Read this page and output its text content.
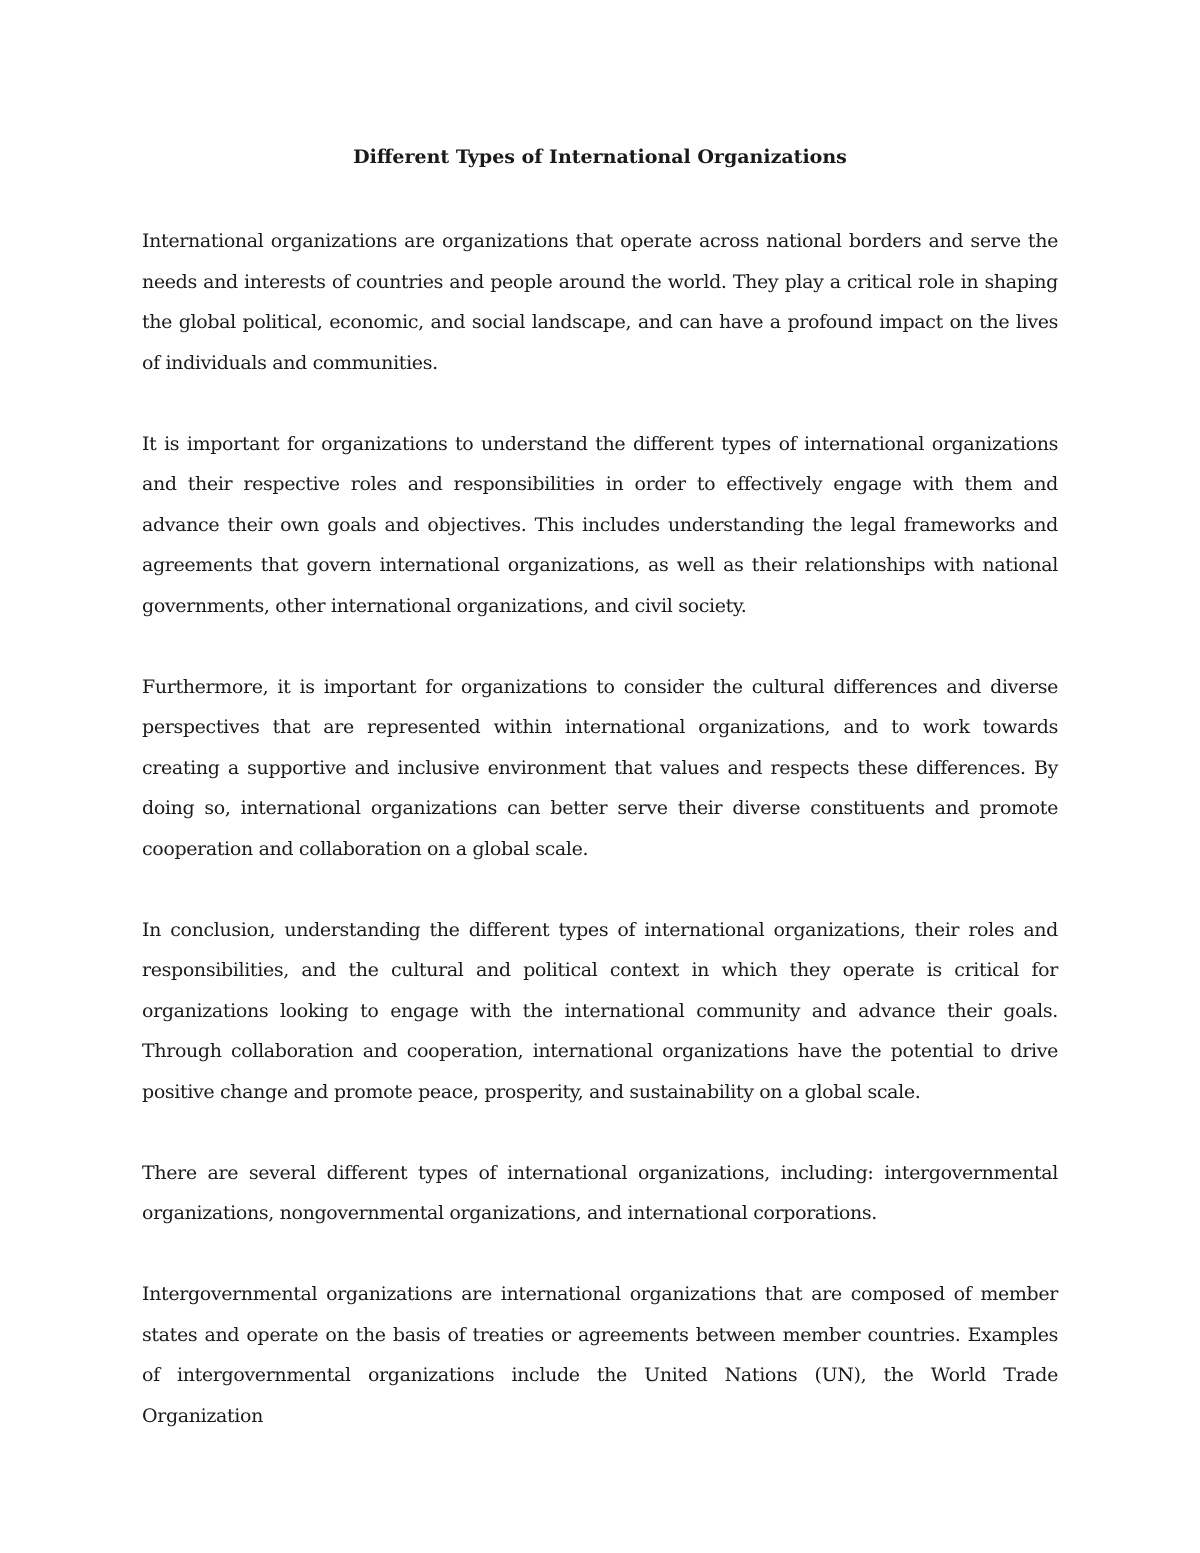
Different Types of International Organizations

International organizations are organizations that operate across national borders and serve the needs and interests of countries and people around the world. They play a critical role in shaping the global political, economic, and social landscape, and can have a profound impact on the lives of individuals and communities.

It is important for organizations to understand the different types of international organizations and their respective roles and responsibilities in order to effectively engage with them and advance their own goals and objectives. This includes understanding the legal frameworks and agreements that govern international organizations, as well as their relationships with national governments, other international organizations, and civil society.

Furthermore, it is important for organizations to consider the cultural differences and diverse perspectives that are represented within international organizations, and to work towards creating a supportive and inclusive environment that values and respects these differences. By doing so, international organizations can better serve their diverse constituents and promote cooperation and collaboration on a global scale.

In conclusion, understanding the different types of international organizations, their roles and responsibilities, and the cultural and political context in which they operate is critical for organizations looking to engage with the international community and advance their goals. Through collaboration and cooperation, international organizations have the potential to drive positive change and promote peace, prosperity, and sustainability on a global scale.

There are several different types of international organizations, including: intergovernmental organizations, nongovernmental organizations, and international corporations.

Intergovernmental organizations are international organizations that are composed of member states and operate on the basis of treaties or agreements between member countries. Examples of intergovernmental organizations include the United Nations (UN), the World Trade Organization
